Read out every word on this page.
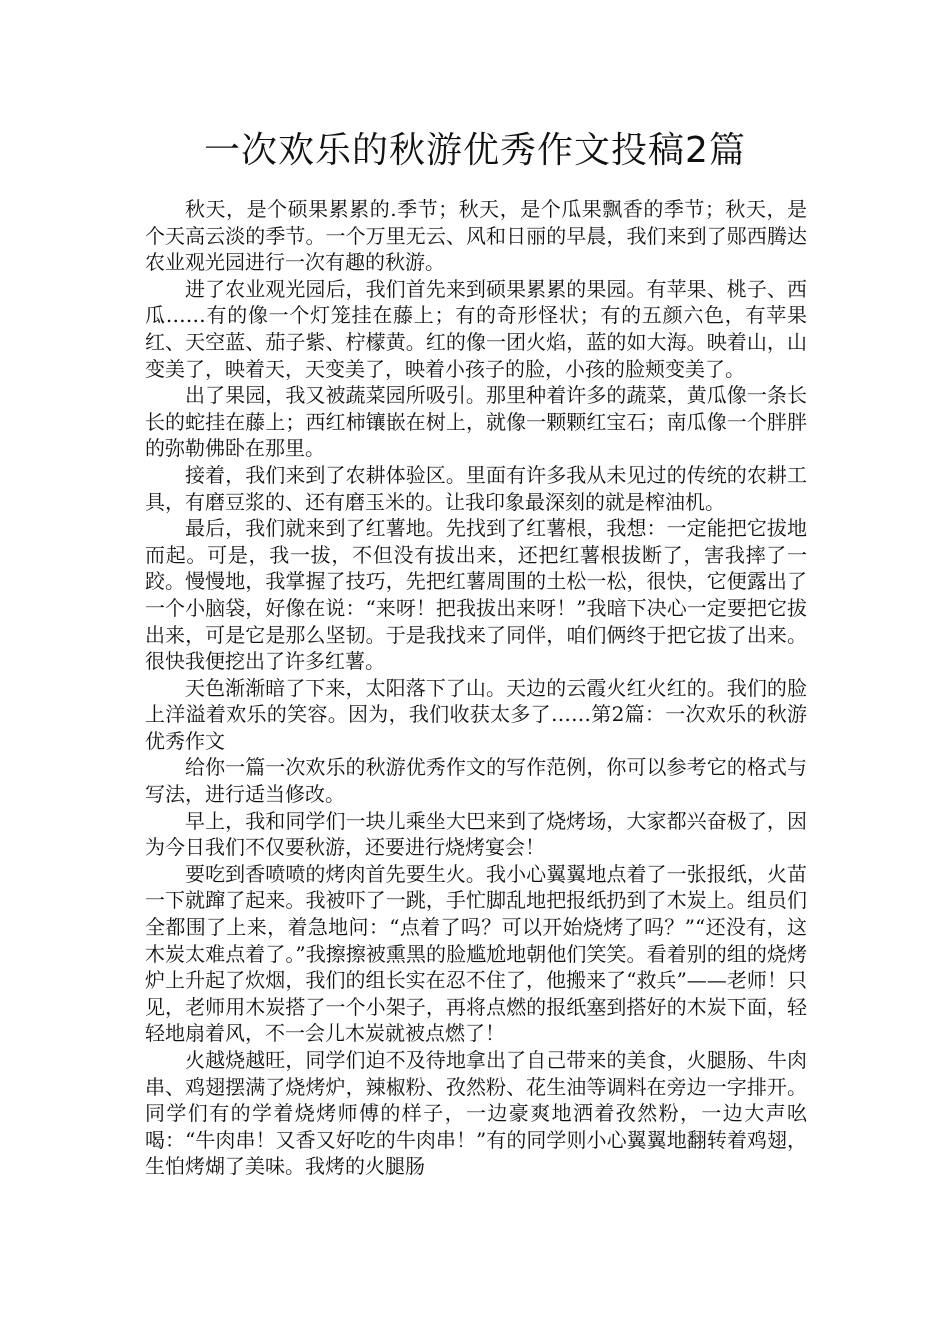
一次欢乐的秋游优秀作文投稿2篇

秋天，是个硕果累累的.季节；秋天，是个瓜果飘香的季节；秋天，是个天高云淡的季节。一个万里无云、风和日丽的早晨，我们来到了郧西腾达农业观光园进行一次有趣的秋游。

进了农业观光园后，我们首先来到硕果累累的果园。有苹果、桃子、西瓜……有的像一个灯笼挂在藤上；有的奇形怪状；有的五颜六色，有苹果红、天空蓝、茄子紫、柠檬黄。红的像一团火焰，蓝的如大海。映着山，山变美了，映着天，天变美了，映着小孩子的脸，小孩的脸颊变美了。

出了果园，我又被蔬菜园所吸引。那里种着许多的蔬菜，黄瓜像一条长长的蛇挂在藤上；西红柿镶嵌在树上，就像一颗颗红宝石；南瓜像一个胖胖的弥勒佛卧在那里。

接着，我们来到了农耕体验区。里面有许多我从未见过的传统的农耕工具，有磨豆浆的、还有磨玉米的。让我印象最深刻的就是榨油机。

最后，我们就来到了红薯地。先找到了红薯根，我想：一定能把它拔地而起。可是，我一拔，不但没有拔出来，还把红薯根拔断了，害我摔了一跤。慢慢地，我掌握了技巧，先把红薯周围的土松一松，很快，它便露出了一个小脑袋，好像在说：“来呀！把我拔出来呀！”我暗下决心一定要把它拔出来，可是它是那么坚韧。于是我找来了同伴，咱们俩终于把它拔了出来。很快我便挖出了许多红薯。

天色渐渐暗了下来，太阳落下了山。天边的云霞火红火红的。我们的脸上洋溢着欢乐的笑容。因为，我们收获太多了……第2篇：一次欢乐的秋游优秀作文

给你一篇一次欢乐的秋游优秀作文的写作范例，你可以参考它的格式与写法，进行适当修改。

早上，我和同学们一块儿乘坐大巴来到了烧烤场，大家都兴奋极了，因为今日我们不仅要秋游，还要进行烧烤宴会！

要吃到香喷喷的烤肉首先要生火。我小心翼翼地点着了一张报纸，火苗一下就蹿了起来。我被吓了一跳，手忙脚乱地把报纸扔到了木炭上。组员们全都围了上来，着急地问：“点着了吗？可以开始烧烤了吗？”“还没有，这木炭太难点着了。”我擦擦被熏黑的脸尴尬地朝他们笑笑。看着别的组的烧烤炉上升起了炊烟，我们的组长实在忍不住了，他搬来了“救兵”——老师！只见，老师用木炭搭了一个小架子，再将点燃的报纸塞到搭好的木炭下面，轻轻地扇着风，不一会儿木炭就被点燃了！

火越烧越旺，同学们迫不及待地拿出了自己带来的美食，火腿肠、牛肉串、鸡翅摆满了烧烤炉，辣椒粉、孜然粉、花生油等调料在旁边一字排开。同学们有的学着烧烤师傅的样子，一边豪爽地洒着孜然粉，一边大声吆喝：“牛肉串！又香又好吃的牛肉串！”有的同学则小心翼翼地翻转着鸡翅，生怕烤煳了美味。我烤的火腿肠
